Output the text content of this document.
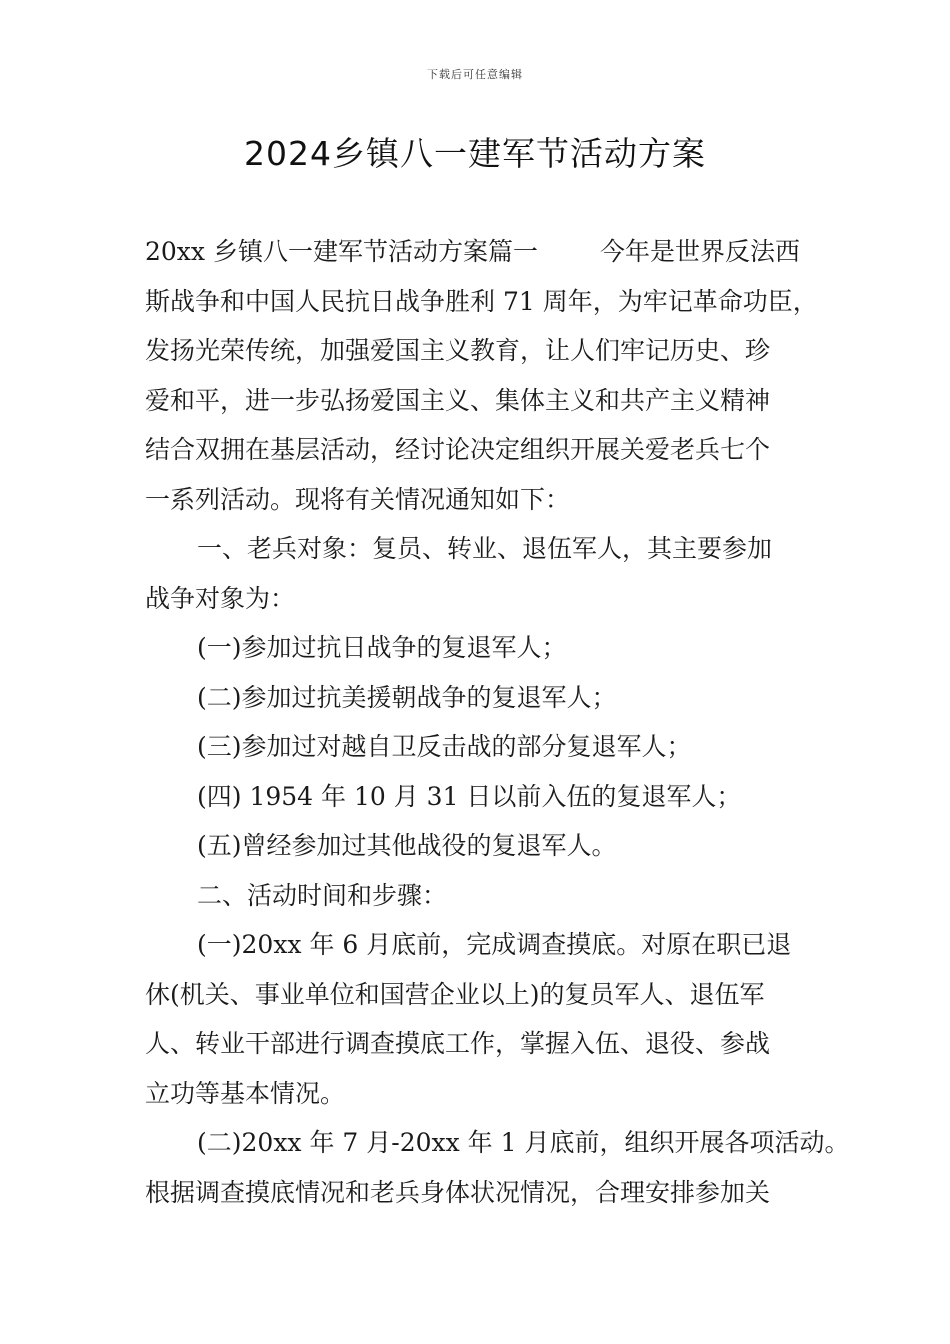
下载后可任意编辑
2024乡镇八一建军节活动方案

20xx 乡镇八一建军节活动方案篇一 今年是世界反法西

斯战争和中国人民抗日战争胜利 71 周年，为牢记革命功臣，

发扬光荣传统，加强爱国主义教育，让人们牢记历史、珍

爱和平，进一步弘扬爱国主义、集体主义和共产主义精神

结合双拥在基层活动，经讨论决定组织开展关爱老兵七个

一系列活动。现将有关情况通知如下：

一、老兵对象：复员、转业、退伍军人，其主要参加

战争对象为：

(一)参加过抗日战争的复退军人；

(二)参加过抗美援朝战争的复退军人；

(三)参加过对越自卫反击战的部分复退军人；

(四) 1954 年 10 月 31 日以前入伍的复退军人；

(五)曾经参加过其他战役的复退军人。

二、活动时间和步骤：

(一)20xx 年 6 月底前，完成调查摸底。对原在职已退

休(机关、事业单位和国营企业以上)的复员军人、退伍军

人、转业干部进行调查摸底工作，掌握入伍、退役、参战

立功等基本情况。

(二)20xx 年 7 月-20xx 年 1 月底前，组织开展各项活动。

根据调查摸底情况和老兵身体状况情况，合理安排参加关
